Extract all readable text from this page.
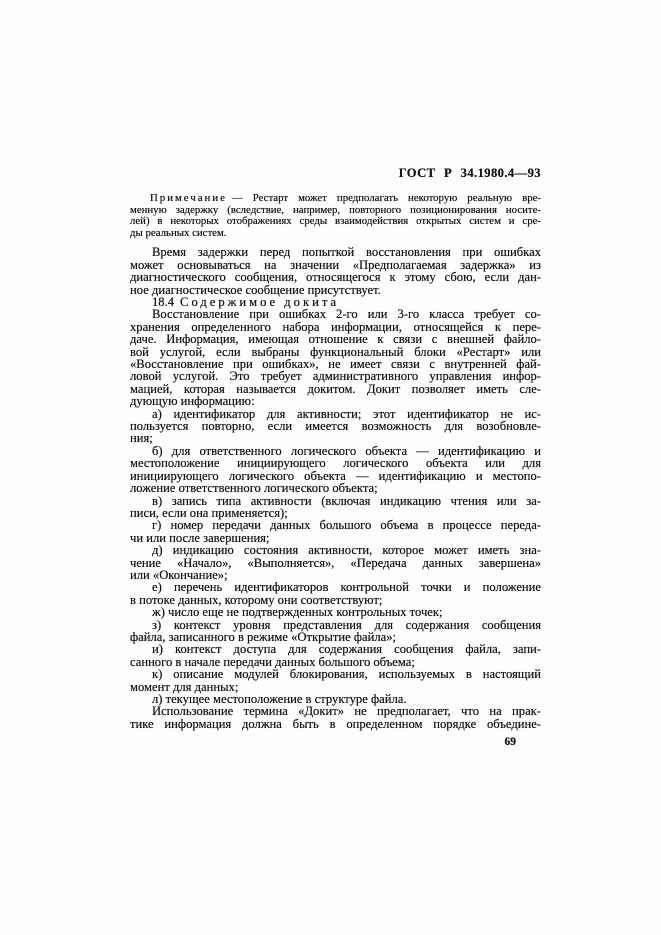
ГОСТ Р 34.1980.4—93
Примечание — Рестарт может предполагать некоторую реальную вре-
менную задержку (вследствие, например, повторного позиционирования носите-
лей) в некоторых отображениях среды взаимодействия открытых систем и сре-
ды реальных систем.
Время задержки перед попыткой восстановления при ошибках
может основываться на значении «Предполагаемая задержка» из
диагностического сообщения, относящегося к этому сбою, если дан-
ное диагностическое сообщение присутствует.
18.4 Содержимое докита
Восстановление при ошибках 2-го или 3-го класса требует со-
хранения определенного набора информации, относящейся к пере-
даче. Информация, имеющая отношение к связи с внешней файло-
вой услугой, если выбраны функциональный блоки «Рестарт» или
«Восстановление при ошибках», не имеет связи с внутренней фай-
ловой услугой. Это требует административного управления инфор-
мацией, которая называется докитом. Докит позволяет иметь сле-
дующую информацию:
а) идентификатор для активности; этот идентификатор не ис-
пользуется повторно, если имеется возможность для возобновле-
ния;
б) для ответственного логического объекта — идентификацию и
местоположение инициирующего логического объекта или для
инициирующего логического объекта — идентификацию и местопо-
ложение ответственного логического объекта;
в) запись типа активности (включая индикацию чтения или за-
писи, если она применяется);
г) номер передачи данных большого объема в процессе переда-
чи или после завершения;
д) индикацию состояния активности, которое может иметь зна-
чение «Начало», «Выполняется», «Передача данных завершена»
или «Окончание»;
е) перечень идентификаторов контрольной точки и положение
в потоке данных, которому они соответствуют;
ж) число еще не подтвержденных контрольных точек;
з) контекст уровня представления для содержания сообщения
файла, записанного в режиме «Открытие файла»;
и) контекст доступа для содержания сообщения файла, запи-
санного в начале передачи данных большого объема;
к) описание модулей блокирования, используемых в настоящий
момент для данных;
л) текущее местоположение в структуре файла.
Использование термина «Докит» не предполагает, что на прак-
тике информация должна быть в определенном порядке объедине-
69
